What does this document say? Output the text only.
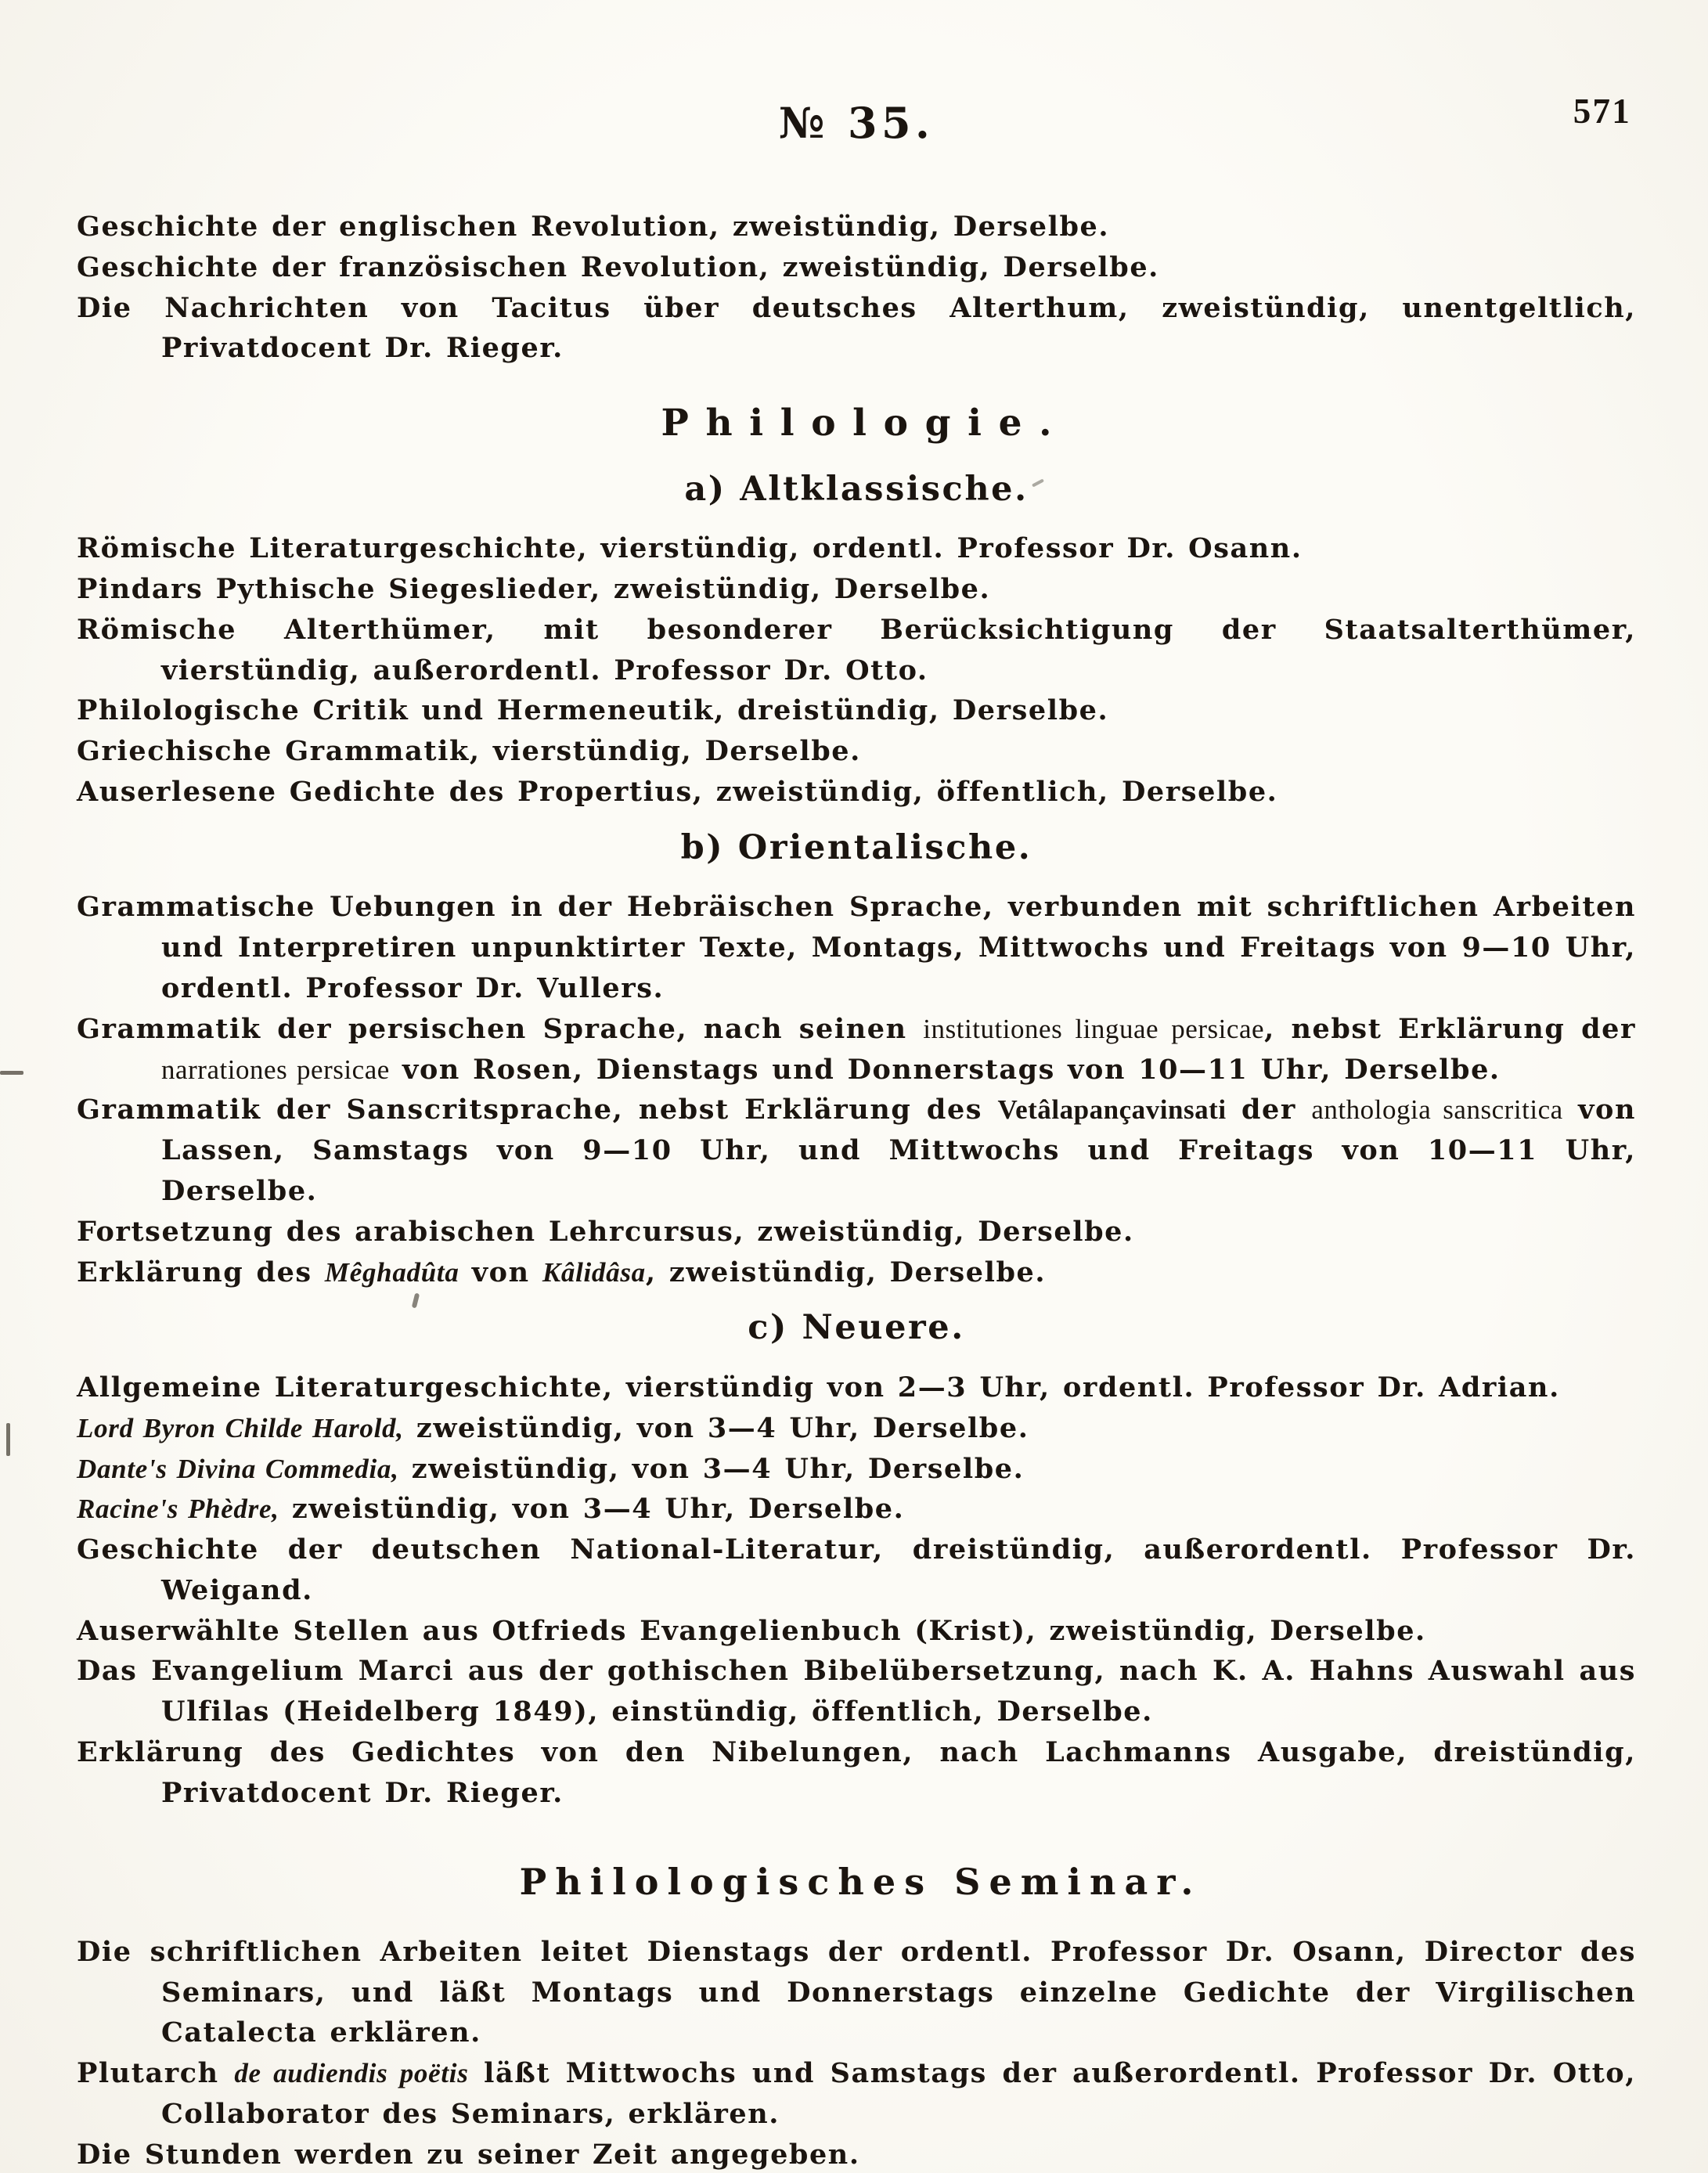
№ 35.	571

Geschichte der englischen Revolution, zweistündig, Derselbe.

Geschichte der französischen Revolution, zweistündig, Derselbe.

Die Nachrichten von Tacitus über deutsches Alterthum, zweistündig, unentgeltlich, Privatdocent Dr. Rieger.

Philologie.
a) Altklassische.

Römische Literaturgeschichte, vierstündig, ordentl. Professor Dr. Osann.

Pindars Pythische Siegeslieder, zweistündig, Derselbe.

Römische Alterthümer, mit besonderer Berücksichtigung der Staatsalterthümer, vierstündig, außerordentl. Professor Dr. Otto.

Philologische Critik und Hermeneutik, dreistündig, Derselbe.

Griechische Grammatik, vierstündig, Derselbe.

Auserlesene Gedichte des Propertius, zweistündig, öffentlich, Derselbe.

b) Orientalische.

Grammatische Uebungen in der Hebräischen Sprache, verbunden mit schriftlichen Arbeiten und Interpretiren unpunktirter Texte, Montags, Mittwochs und Freitags von 9—10 Uhr, ordentl. Professor Dr. Vullers.

Grammatik der persischen Sprache, nach seinen institutiones linguae persicae, nebst Erklärung der narrationes persicae von Rosen, Dienstags und Donnerstags von 10—11 Uhr, Derselbe.

Grammatik der Sanscritsprache, nebst Erklärung des Vetâlapançavinsati der anthologia sanscritica von Lassen, Samstags von 9—10 Uhr, und Mittwochs und Freitags von 10—11 Uhr, Derselbe.

Fortsetzung des arabischen Lehrcursus, zweistündig, Derselbe.

Erklärung des Mêghadûta von Kâlidâsa, zweistündig, Derselbe.

c) Neuere.

Allgemeine Literaturgeschichte, vierstündig von 2—3 Uhr, ordentl. Professor Dr. Adrian.

Lord Byron Childe Harold, zweistündig, von 3—4 Uhr, Derselbe.

Dante's Divina Commedia, zweistündig, von 3—4 Uhr, Derselbe.

Racine's Phèdre, zweistündig, von 3—4 Uhr, Derselbe.

Geschichte der deutschen National-Literatur, dreistündig, außerordentl. Professor Dr. Weigand.

Auserwählte Stellen aus Otfrieds Evangelienbuch (Krist), zweistündig, Derselbe.

Das Evangelium Marci aus der gothischen Bibelübersetzung, nach K. A. Hahns Auswahl aus Ulfilas (Heidelberg 1849), einstündig, öffentlich, Derselbe.

Erklärung des Gedichtes von den Nibelungen, nach Lachmanns Ausgabe, dreistündig, Privatdocent Dr. Rieger.

Philologisches Seminar.

Die schriftlichen Arbeiten leitet Dienstags der ordentl. Professor Dr. Osann, Director des Seminars, und läßt Montags und Donnerstags einzelne Gedichte der Virgilischen Catalecta erklären.

Plutarch de audiendis poëtis läßt Mittwochs und Samstags der außerordentl. Professor Dr. Otto, Collaborator des Seminars, erklären.

Die Stunden werden zu seiner Zeit angegeben.
